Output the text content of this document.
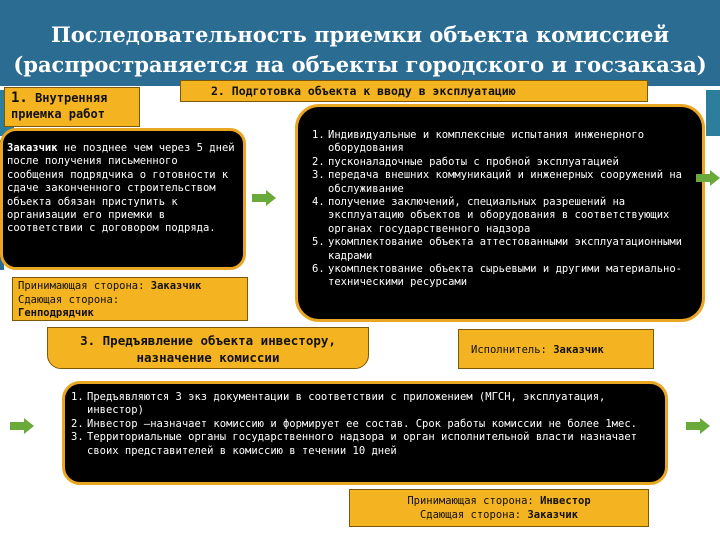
Последовательность приемки объекта комиссией
(распространяется на объекты городского и госзаказа)
1. Внутренняя
приемка работ
Заказчик не позднее чем через 5 дней после получения письменного сообщения подрядчика о готовности к сдаче законченного строительством объекта обязан приступить к организации его приемки в соответствии с договором подряда.
Принимающая сторона: Заказчик
Сдающая сторона:
Генподрядчик
2. Подготовка объекта к вводу в эксплуатацию
1. Индивидуальные и комплексные испытания инженерного оборудования
2. пусконаладочные работы с пробной эксплуатацией
3. передача внешних коммуникаций и инженерных сооружений на обслуживание
4. получение заключений, специальных разрешений на эксплуатацию объектов и оборудования в соответствующих органах государственного надзора
5. укомплектование объекта аттестованными эксплуатационными кадрами
6. укомплектование объекта сырьевыми и другими материально-техническими ресурсами
3. Предъявление объекта инвестору,
назначение комиссии	Исполнитель: Заказчик
1. Предъявляются 3 экз документации в соответствии с приложением (МГСН, эксплуатация, инвестор)
2. Инвестор –назначает комиссию и формирует ее состав. Срок работы комиссии не более 1мес.
3. Территориальные органы государственного надзора и орган исполнительной власти назначает своих представителей в комиссию в течении 10 дней
Принимающая сторона: Инвестор
Сдающая сторона: Заказчик
